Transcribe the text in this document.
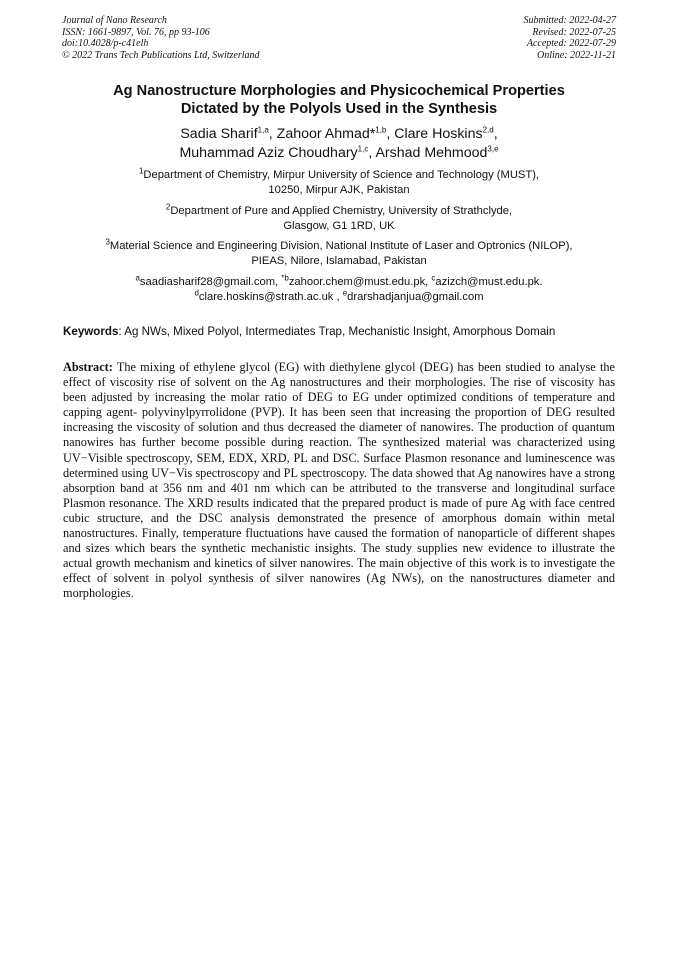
Journal of Nano Research
ISSN: 1661-9897, Vol. 76, pp 93-106
doi:10.4028/p-c41elh
© 2022 Trans Tech Publications Ltd, Switzerland
Submitted: 2022-04-27
Revised: 2022-07-25
Accepted: 2022-07-29
Online: 2022-11-21
Ag Nanostructure Morphologies and Physicochemical Properties
Dictated by the Polyols Used in the Synthesis
Sadia Sharif$^{1,a}$, Zahoor Ahmad*$^{1,b}$, Clare Hoskins$^{2,d}$,
Muhammad Aziz Choudhary$^{1,c}$, Arshad Mehmood$^{3,e}$
$^1$Department of Chemistry, Mirpur University of Science and Technology (MUST),
10250, Mirpur AJK, Pakistan
$^2$Department of Pure and Applied Chemistry, University of Strathclyde,
Glasgow, G1 1RD, UK
$^3$Material Science and Engineering Division, National Institute of Laser and Optronics (NILOP),
PIEAS, Nilore, Islamabad, Pakistan
$^a$saadiasharif28@gmail.com, $^{*b}$zahoor.chem@must.edu.pk, $^c$azizch@must.edu.pk.
$^d$clare.hoskins@strath.ac.uk , $^e$drarshadjanjua@gmail.com
Keywords: Ag NWs, Mixed Polyol, Intermediates Trap, Mechanistic Insight, Amorphous Domain
Abstract: The mixing of ethylene glycol (EG) with diethylene glycol (DEG) has been studied to analyse the effect of viscosity rise of solvent on the Ag nanostructures and their morphologies. The rise of viscosity has been adjusted by increasing the molar ratio of DEG to EG under optimized conditions of temperature and capping agent- polyvinylpyrrolidone (PVP). It has been seen that increasing the proportion of DEG resulted increasing the viscosity of solution and thus decreased the diameter of nanowires. The production of quantum nanowires has further become possible during reaction. The synthesized material was characterized using UV−Visible spectroscopy, SEM, EDX, XRD, PL and DSC. Surface Plasmon resonance and luminescence was determined using UV−Vis spectroscopy and PL spectroscopy. The data showed that Ag nanowires have a strong absorption band at 356 nm and 401 nm which can be attributed to the transverse and longitudinal surface Plasmon resonance. The XRD results indicated that the prepared product is made of pure Ag with face centred cubic structure, and the DSC analysis demonstrated the presence of amorphous domain within metal nanostructures. Finally, temperature fluctuations have caused the formation of nanoparticle of different shapes and sizes which bears the synthetic mechanistic insights. The study supplies new evidence to illustrate the actual growth mechanism and kinetics of silver nanowires. The main objective of this work is to investigate the effect of solvent in polyol synthesis of silver nanowires (Ag NWs), on the nanostructures diameter and morphologies.
